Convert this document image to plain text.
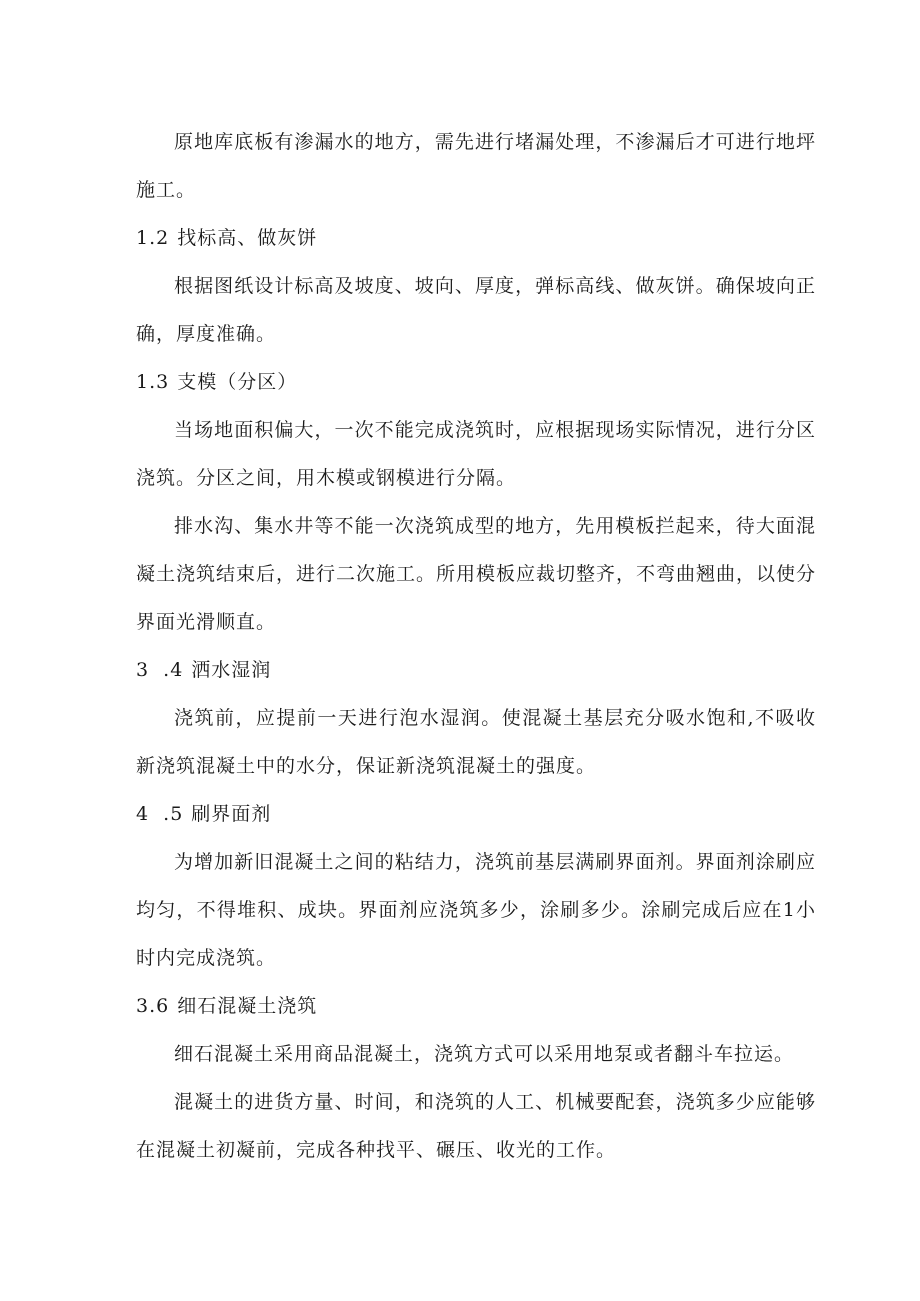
原地库底板有渗漏水的地方，需先进行堵漏处理，不渗漏后才可进行地坪施工。

1.2 找标高、做灰饼

根据图纸设计标高及坡度、坡向、厚度，弹标高线、做灰饼。确保坡向正确，厚度准确。

1.3 支模（分区）

当场地面积偏大，一次不能完成浇筑时，应根据现场实际情况，进行分区浇筑。分区之间，用木模或钢模进行分隔。

排水沟、集水井等不能一次浇筑成型的地方，先用模板拦起来，待大面混凝土浇筑结束后，进行二次施工。所用模板应裁切整齐，不弯曲翘曲，以使分界面光滑顺直。

3  .4 洒水湿润

浇筑前，应提前一天进行泡水湿润。使混凝土基层充分吸水饱和,不吸收新浇筑混凝土中的水分，保证新浇筑混凝土的强度。

4  .5 刷界面剂

为增加新旧混凝土之间的粘结力，浇筑前基层满刷界面剂。界面剂涂刷应均匀，不得堆积、成块。界面剂应浇筑多少，涂刷多少。涂刷完成后应在1小时内完成浇筑。

3.6 细石混凝土浇筑

细石混凝土采用商品混凝土，浇筑方式可以采用地泵或者翻斗车拉运。

混凝土的进货方量、时间，和浇筑的人工、机械要配套，浇筑多少应能够在混凝土初凝前，完成各种找平、碾压、收光的工作。
